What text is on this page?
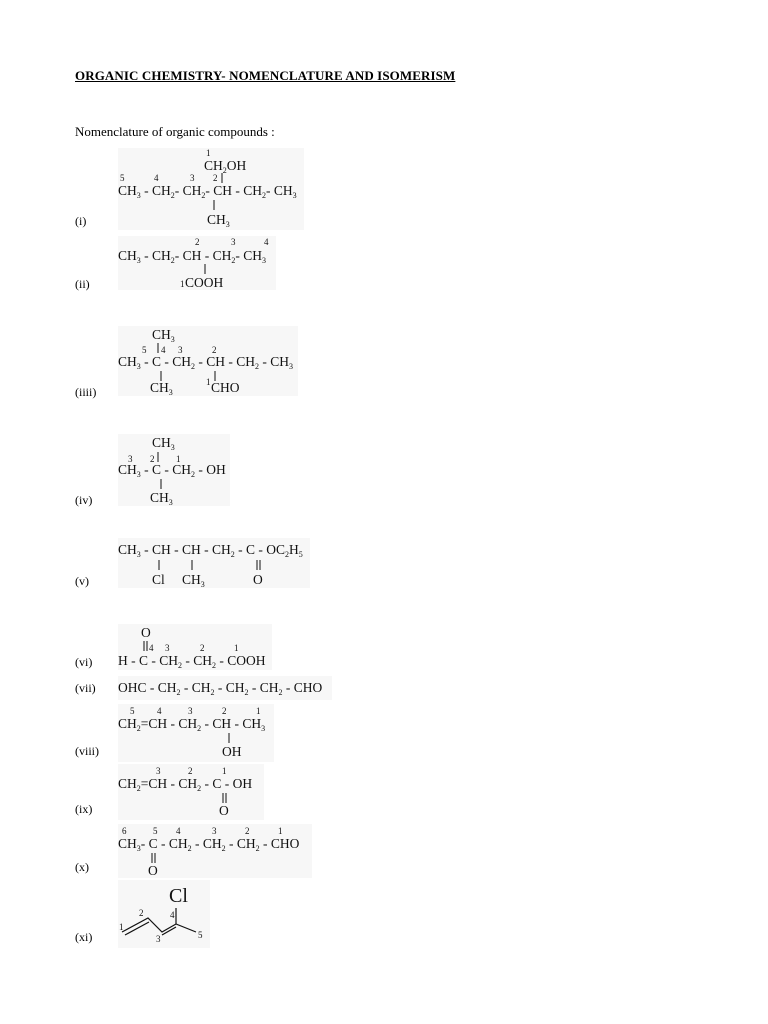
ORGANIC CHEMISTRY- NOMENCLATURE AND ISOMERISM
Nomenclature of organic compounds :
(i)
1
$CH_2OH$
5	4	3 2
$CH_3 - CH_2-$ $CH_2-$ CH - $CH_2-$ $CH_3$
$CH_3$
(ii)
2	3	4
$CH_3 - CH_2-$ CH - $CH_2-$ $CH_3$
1 COOH
(iiii)
$CH_3$
5 4 3	2
$CH_3$ - C - $CH_2$ - CH - $CH_2 - CH_3$
$CH_3$
1 CHO
(iv)
$CH_3$
3 2 1
$CH_3$ - C - $CH_2$ - OH
$CH_3$
(v)
$CH_3$ - CH - CH - $CH_2$ - C - $OC_2H_5$
Cl $CH_3$	O
(vi)
O
4 3	2	1
H - C - $CH_2 - CH_2$ - COOH
(vii) OHC - $CH_2 - CH_2 - CH_2 - CH_2$ - CHO
(viii)
5	4	3	2	1
$CH_2=CH - CH_2$ - CH - $CH_3$
OH
(ix)
3	2	1
$CH_2=CH - CH_2 - C$ - OH
O
(x)
6	5 4	3	2	1
$CH_3-$ C - $CH_2 - CH_2 - CH_2$ - CHO
O
(xi)
Cl
1
2
3
4
5
